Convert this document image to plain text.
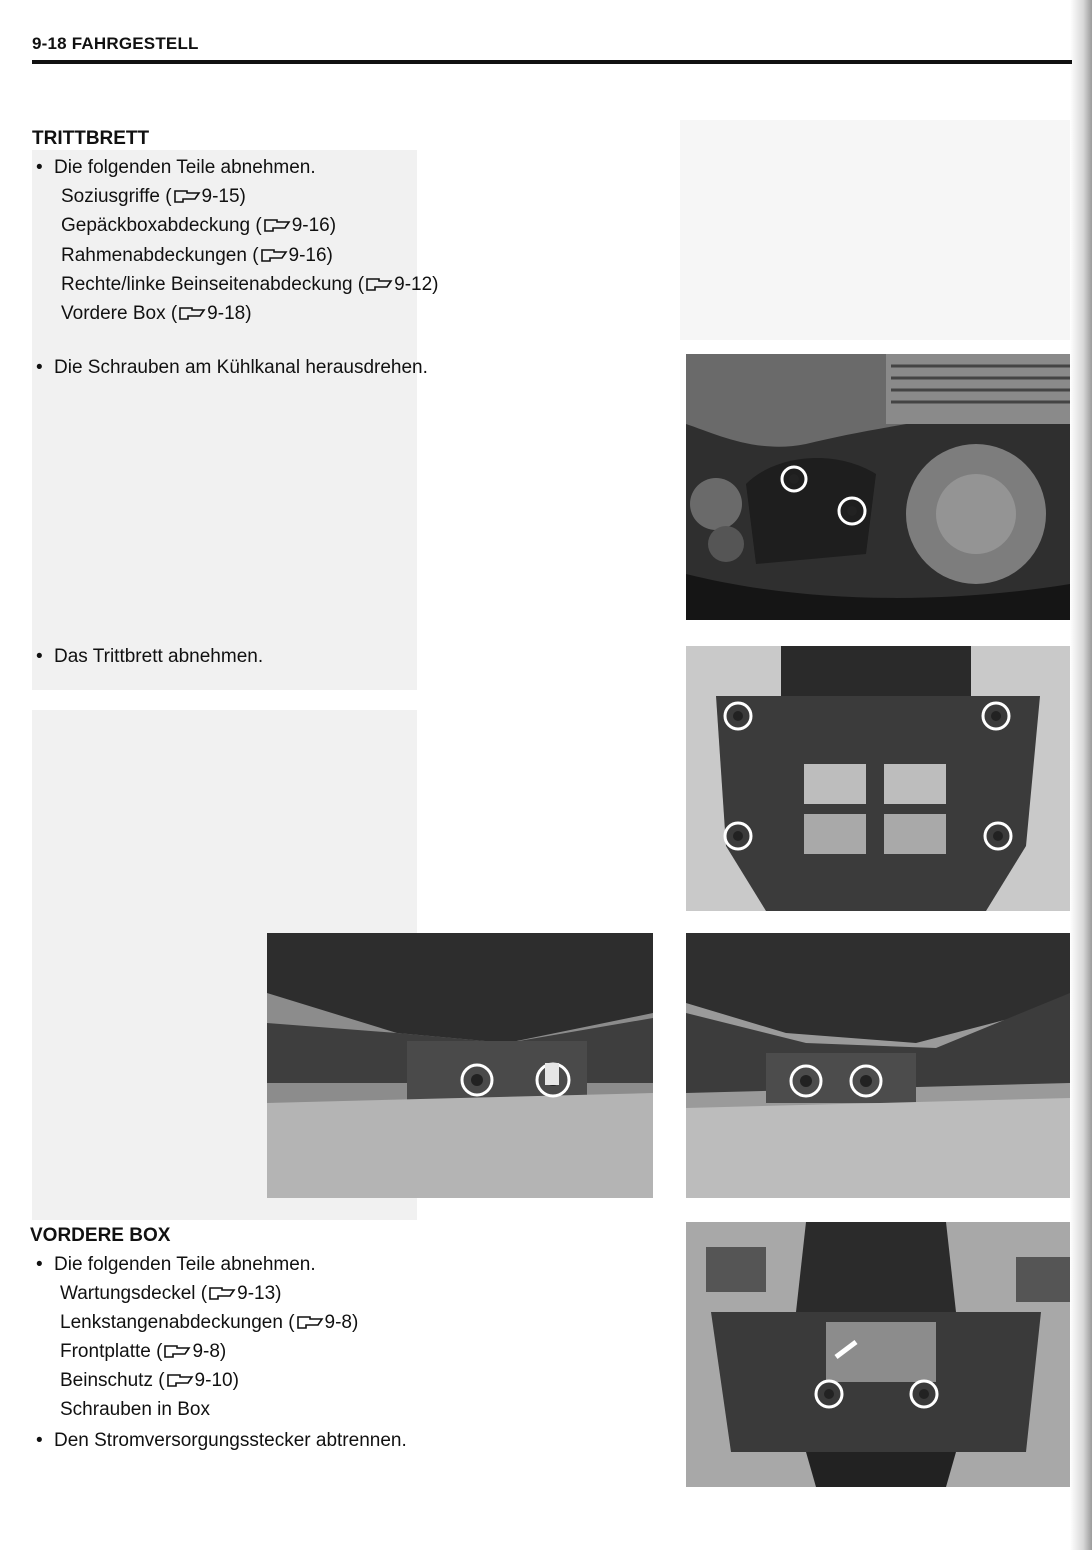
9-18 FAHRGESTELL
TRITTBRETT
• Die folgenden Teile abnehmen.
Soziusgriffe ( 9-15)
Gepäckboxabdeckung ( 9-16)
Rahmenabdeckungen ( 9-16)
Rechte/linke Beinseitenabdeckung ( 9-12)
Vordere Box ( 9-18)
• Die Schrauben am Kühlkanal herausdrehen.
• Das Trittbrett abnehmen.
VORDERE BOX
• Die folgenden Teile abnehmen.
Wartungsdeckel ( 9-13)
Lenkstangenabdeckungen ( 9-8)
Frontplatte ( 9-8)
Beinschutz ( 9-10)
Schrauben in Box
• Den Stromversorgungsstecker abtrennen.
